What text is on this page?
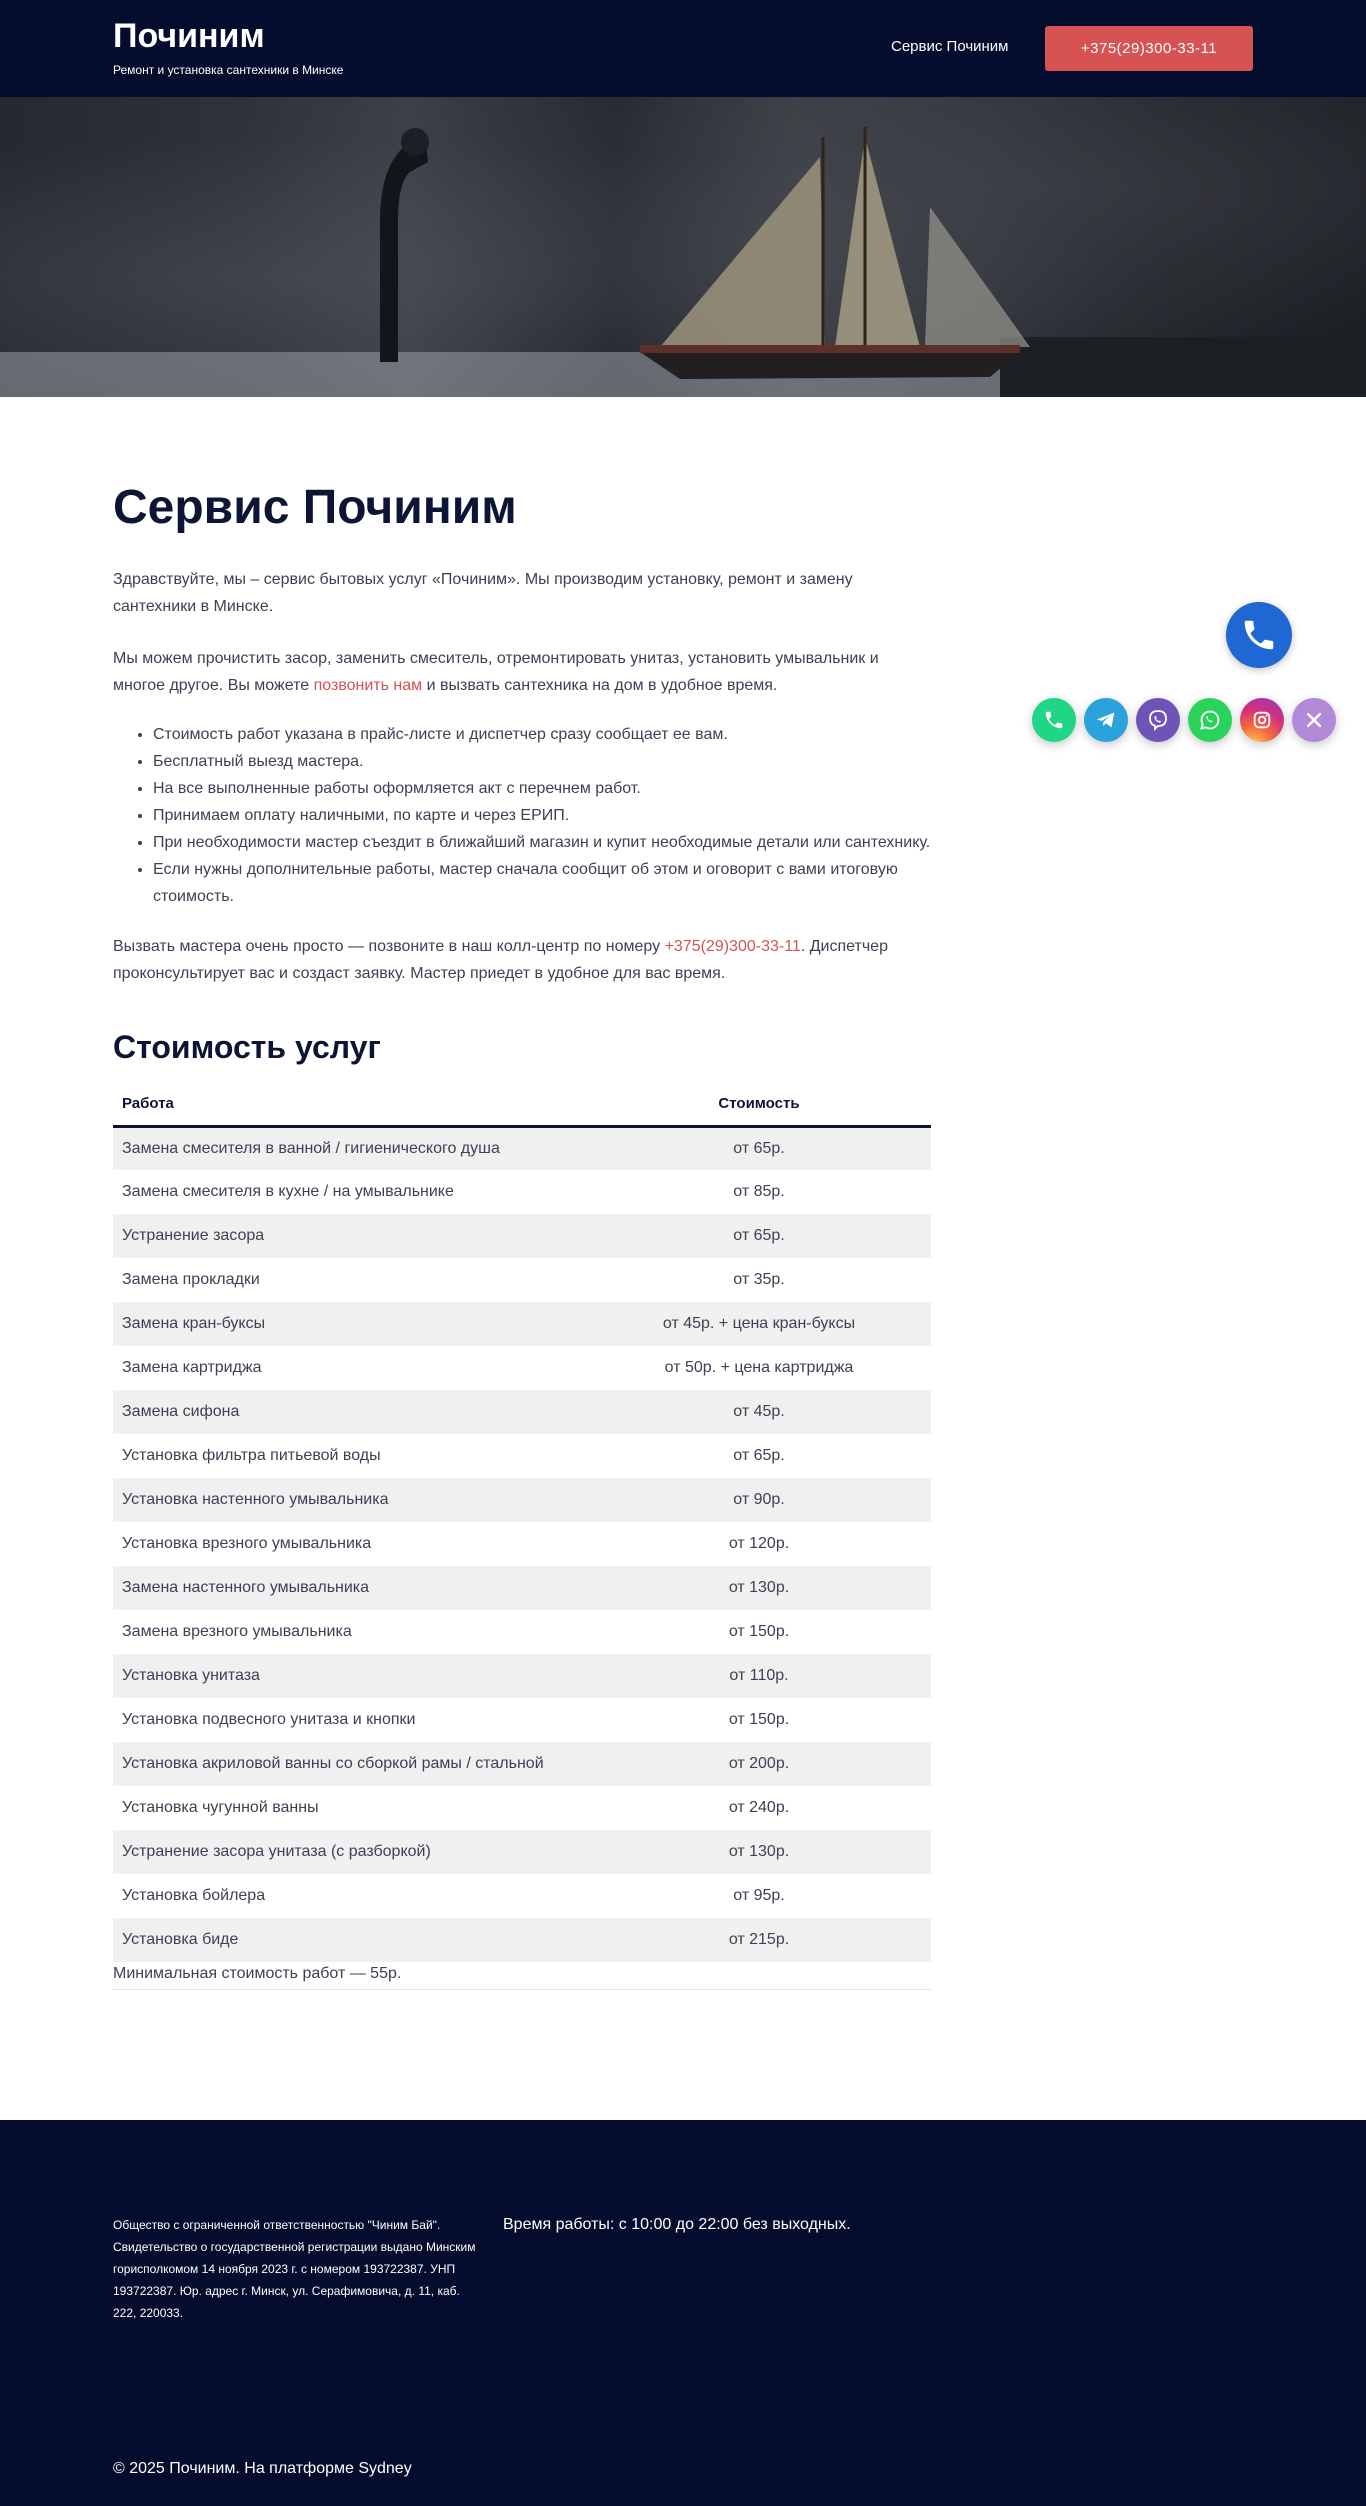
Починим
Ремонт и установка сантехники в Минске
Сервис Починим	+375(29)300-33-11
Сервис Починим

Здравствуйте, мы – сервис бытовых услуг «Починим». Мы производим установку, ремонт и замену сантехники в Минске.

Мы можем прочистить засор, заменить смеситель, отремонтировать унитаз, установить умывальник и многое другое. Вы можете позвонить нам и вызвать сантехника на дом в удобное время.

• Стоимость работ указана в прайс-листе и диспетчер сразу сообщает ее вам.
• Бесплатный выезд мастера.
• На все выполненные работы оформляется акт с перечнем работ.
• Принимаем оплату наличными, по карте и через ЕРИП.
• При необходимости мастер съездит в ближайший магазин и купит необходимые детали или сантехнику.
• Если нужны дополнительные работы, мастер сначала сообщит об этом и оговорит с вами итоговую стоимость.

Вызвать мастера очень просто — позвоните в наш колл-центр по номеру +375(29)300-33-11. Диспетчер проконсультирует вас и создаст заявку. Мастер приедет в удобное для вас время.

Стоимость услуг
Работа	Стоимость
Замена смесителя в ванной / гигиенического душа	от 65р.
Замена смесителя в кухне / на умывальнике	от 85р.
Устранение засора	от 65р.
Замена прокладки	от 35р.
Замена кран-буксы	от 45р. + цена кран-буксы
Замена картриджа	от 50р. + цена картриджа
Замена сифона	от 45р.
Установка фильтра питьевой воды	от 65р.
Установка настенного умывальника	от 90р.
Установка врезного умывальника	от 120р.
Замена настенного умывальника	от 130р.
Замена врезного умывальника	от 150р.
Установка унитаза	от 110р.
Установка подвесного унитаза и кнопки	от 150р.
Установка акриловой ванны со сборкой рамы / стальной	от 200р.
Установка чугунной ванны	от 240р.
Устранение засора унитаза (с разборкой)	от 130р.
Установка бойлера	от 95р.
Установка биде	от 215р.

Минимальная стоимость работ — 55р.

Общество с ограниченной ответственностью "Чиним Бай". Свидетельство о государственной регистрации выдано Минским горисполкомом 14 ноября 2023 г. с номером 193722387. УНП 193722387. Юр. адрес г. Минск, ул. Серафимовича, д. 11, каб. 222, 220033.

Время работы: с 10:00 до 22:00 без выходных.

© 2025 Починим. На платформе Sydney
